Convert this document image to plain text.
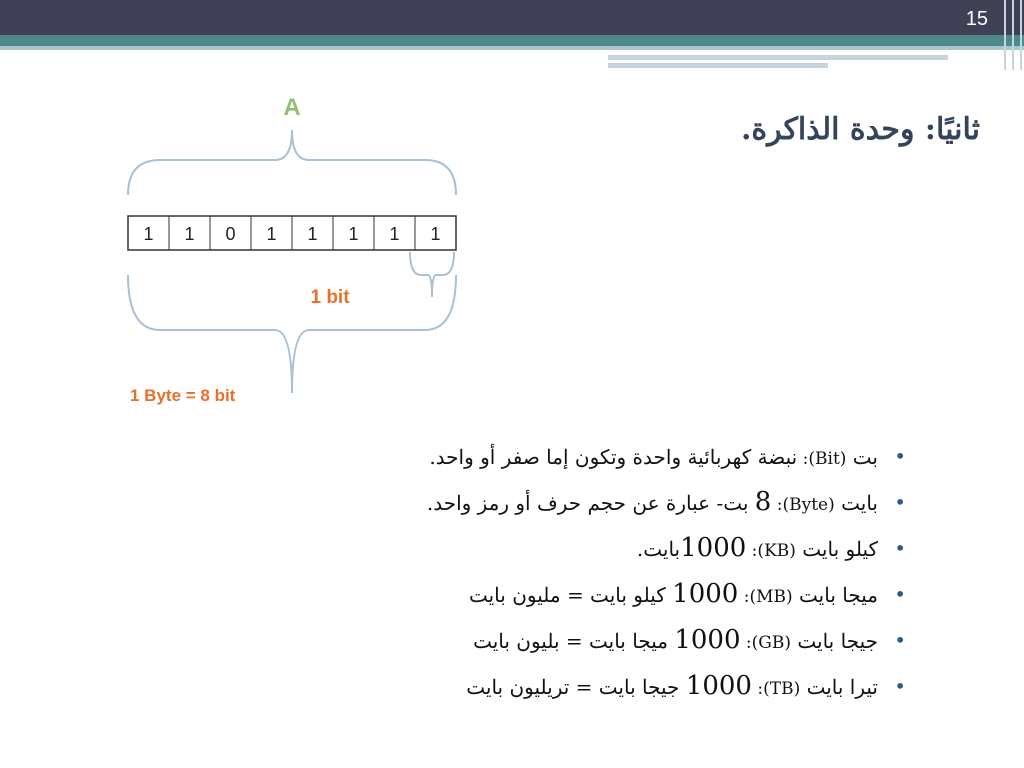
15
ثانيًا: وحدة الذاكرة.
A
1 1 0 1 1 1 1 1
1 bit
1 Byte = 8 bit
•
بت (Bit): نبضة كهربائية واحدة وتكون إما صفر أو واحد.
•
بايت (Byte): 8 بت- عبارة عن حجم حرف أو رمز واحد.
•
كيلو بايت (KB): 1000بايت.
•
ميجا بايت (MB): 1000 كيلو بايت = مليون بايت
•
جيجا بايت (GB): 1000 ميجا بايت = بليون بايت
•
تيرا بايت (TB): 1000 جيجا بايت = تريليون بايت
